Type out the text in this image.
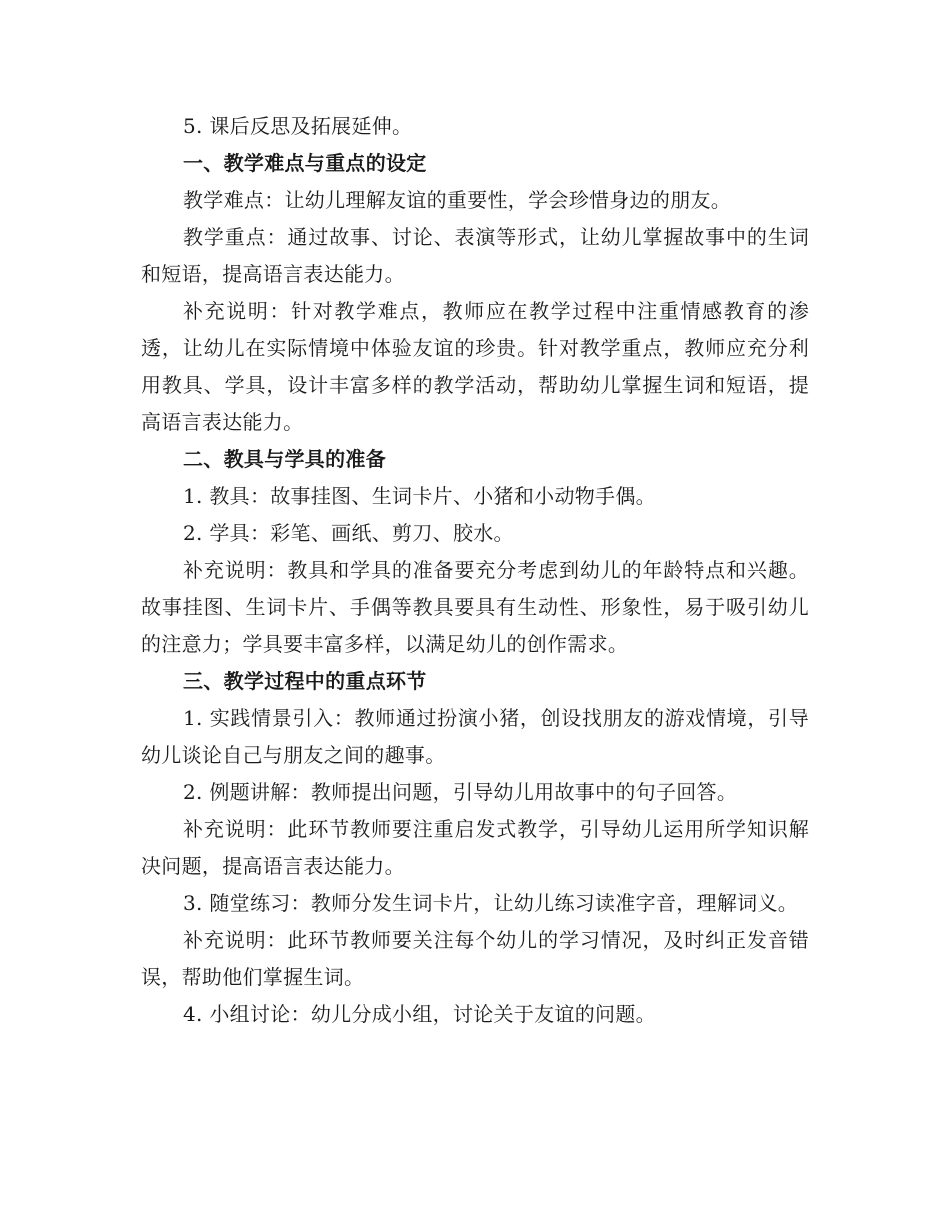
5. 课后反思及拓展延伸。

一、教学难点与重点的设定

教学难点：让幼儿理解友谊的重要性，学会珍惜身边的朋友。

教学重点：通过故事、讨论、表演等形式，让幼儿掌握故事中的生词和短语，提高语言表达能力。

补充说明：针对教学难点，教师应在教学过程中注重情感教育的渗透，让幼儿在实际情境中体验友谊的珍贵。针对教学重点，教师应充分利用教具、学具，设计丰富多样的教学活动，帮助幼儿掌握生词和短语，提高语言表达能力。

二、教具与学具的准备

1. 教具：故事挂图、生词卡片、小猪和小动物手偶。

2. 学具：彩笔、画纸、剪刀、胶水。

补充说明：教具和学具的准备要充分考虑到幼儿的年龄特点和兴趣。故事挂图、生词卡片、手偶等教具要具有生动性、形象性，易于吸引幼儿的注意力；学具要丰富多样，以满足幼儿的创作需求。

三、教学过程中的重点环节

1. 实践情景引入：教师通过扮演小猪，创设找朋友的游戏情境，引导幼儿谈论自己与朋友之间的趣事。

2. 例题讲解：教师提出问题，引导幼儿用故事中的句子回答。

补充说明：此环节教师要注重启发式教学，引导幼儿运用所学知识解决问题，提高语言表达能力。

3. 随堂练习：教师分发生词卡片，让幼儿练习读准字音，理解词义。

补充说明：此环节教师要关注每个幼儿的学习情况，及时纠正发音错误，帮助他们掌握生词。

4. 小组讨论：幼儿分成小组，讨论关于友谊的问题。
